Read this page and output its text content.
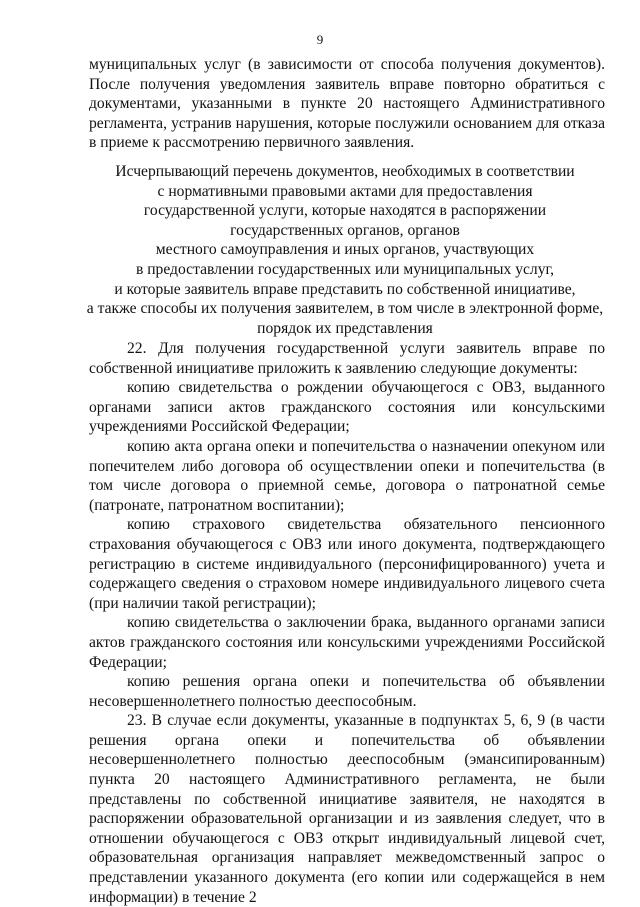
9

муниципальных услуг (в зависимости от способа получения документов). После получения уведомления заявитель вправе повторно обратиться с документами, указанными в пункте 20 настоящего Административного регламента, устранив нарушения, которые послужили основанием для отказа в приеме к рассмотрению первичного заявления.

Исчерпывающий перечень документов, необходимых в соответствии
с нормативными правовыми актами для предоставления
государственной услуги, которые находятся в распоряжении
государственных органов, органов
местного самоуправления и иных органов, участвующих
в предоставлении государственных или муниципальных услуг,
и которые заявитель вправе представить по собственной инициативе,
а также способы их получения заявителем, в том числе в электронной форме,
порядок их представления

22. Для получения государственной услуги заявитель вправе по собственной инициативе приложить к заявлению следующие документы:

копию свидетельства о рождении обучающегося с ОВЗ, выданного органами записи актов гражданского состояния или консульскими учреждениями Российской Федерации;

копию акта органа опеки и попечительства о назначении опекуном или попечителем либо договора об осуществлении опеки и попечительства (в том числе договора о приемной семье, договора о патронатной семье (патронате, патронатном воспитании);

копию страхового свидетельства обязательного пенсионного страхования обучающегося с ОВЗ или иного документа, подтверждающего регистрацию в системе индивидуального (персонифицированного) учета и содержащего сведения о страховом номере индивидуального лицевого счета (при наличии такой регистрации);

копию свидетельства о заключении брака, выданного органами записи актов гражданского состояния или консульскими учреждениями Российской Федерации;

копию решения органа опеки и попечительства об объявлении несовершеннолетнего полностью дееспособным.

23. В случае если документы, указанные в подпунктах 5, 6, 9 (в части решения органа опеки и попечительства об объявлении несовершеннолетнего полностью дееспособным (эмансипированным) пункта 20 настоящего Административного регламента, не были представлены по собственной инициативе заявителя, не находятся в распоряжении образовательной организации и из заявления следует, что в отношении обучающегося с ОВЗ открыт индивидуальный лицевой счет, образовательная организация направляет межведомственный запрос о представлении указанного документа (его копии или содержащейся в нем информации) в течение 2
